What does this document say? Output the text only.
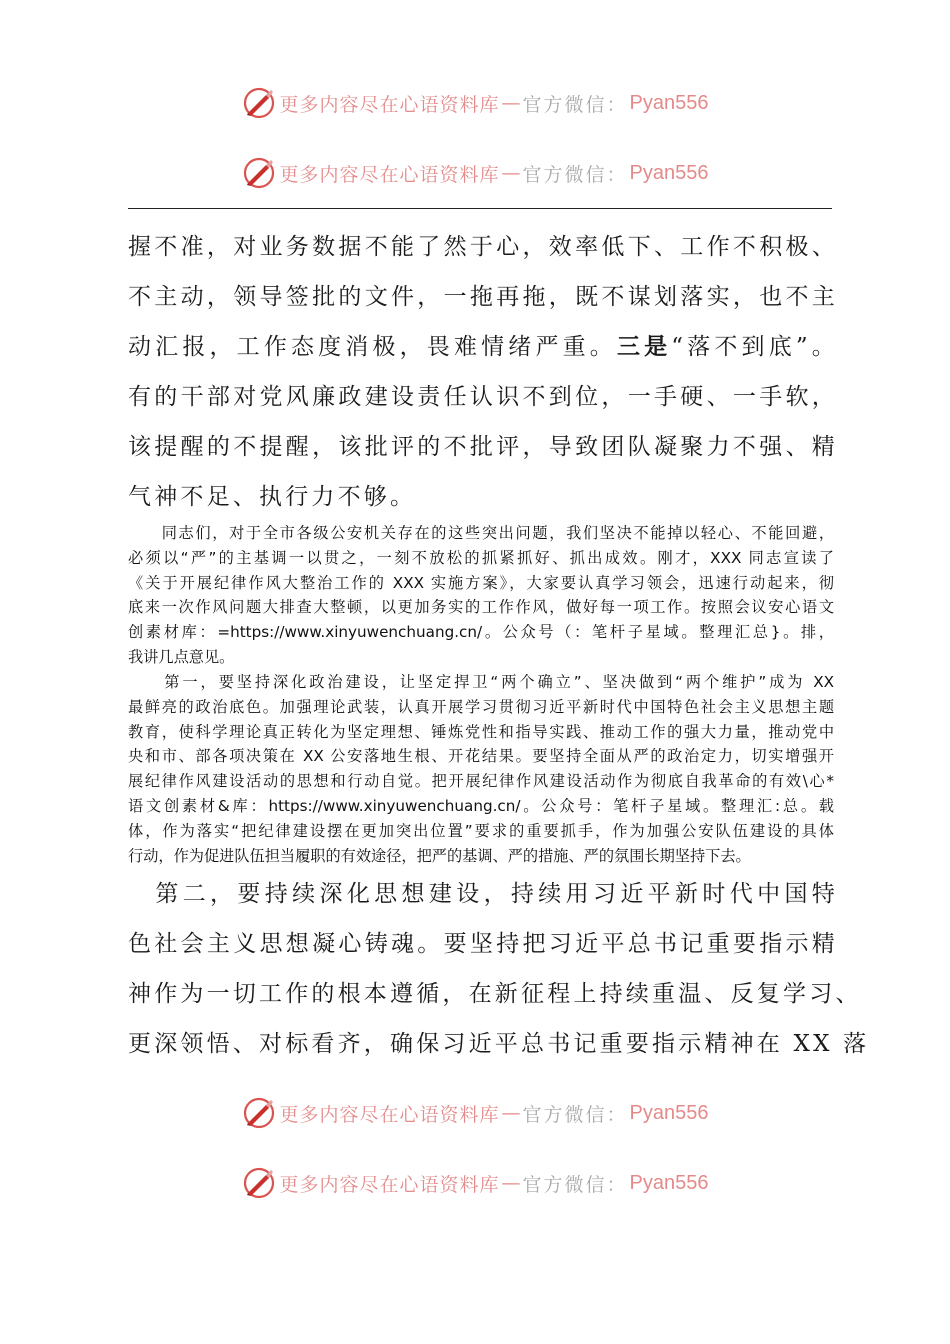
更多内容尽在心语资料库 — 官方微信： Pyan556
更多内容尽在心语资料库 — 官方微信： Pyan556
握不准，对业务数据不能了然于心，效率低下、工作不积极、
不主动，领导签批的文件，一拖再拖，既不谋划落实，也不主
动汇报，工作态度消极，畏难情绪严重。三是“落不到底”。
有的干部对党风廉政建设责任认识不到位，一手硬、一手软，
该提醒的不提醒，该批评的不批评，导致团队凝聚力不强、精
气神不足、执行力不够。
　　同志们，对于全市各级公安机关存在的这些突出问题，我们坚决不能掉以轻心、不能回避，
必须以“严”的主基调一以贯之，一刻不放松的抓紧抓好、抓出成效。刚才，XXX 同志宣读了
《关于开展纪律作风大整治工作的 XXX 实施方案》，大家要认真学习领会，迅速行动起来，彻
底来一次作风问题大排查大整顿，以更加务实的工作作风，做好每一项工作。按照会议安心语文
创素材库：=https://www.xinyuwenchuang.cn/。公众号（：笔杆子星域。整理汇总}。排，
我讲几点意见。
　　第一，要坚持深化政治建设，让坚定捍卫“两个确立”、坚决做到“两个维护”成为 XX
最鲜亮的政治底色。加强理论武装，认真开展学习贯彻习近平新时代中国特色社会主义思想主题
教育，使科学理论真正转化为坚定理想、锤炼党性和指导实践、推动工作的强大力量，推动党中
央和市、部各项决策在 XX 公安落地生根、开花结果。要坚持全面从严的政治定力，切实增强开
展纪律作风建设活动的思想和行动自觉。把开展纪律作风建设活动作为彻底自我革命的有效\心*
语文创素材&库：https://www.xinyuwenchuang.cn/。公众号：笔杆子星域。整理汇:总。载
体，作为落实“把纪律建设摆在更加突出位置”要求的重要抓手，作为加强公安队伍建设的具体
行动，作为促进队伍担当履职的有效途径，把严的基调、严的措施、严的氛围长期坚持下去。
　第二，要持续深化思想建设，持续用习近平新时代中国特
色社会主义思想凝心铸魂。要坚持把习近平总书记重要指示精
神作为一切工作的根本遵循，在新征程上持续重温、反复学习、
更深领悟、对标看齐，确保习近平总书记重要指示精神在 XX 落
更多内容尽在心语资料库 — 官方微信： Pyan556
更多内容尽在心语资料库 — 官方微信： Pyan556
